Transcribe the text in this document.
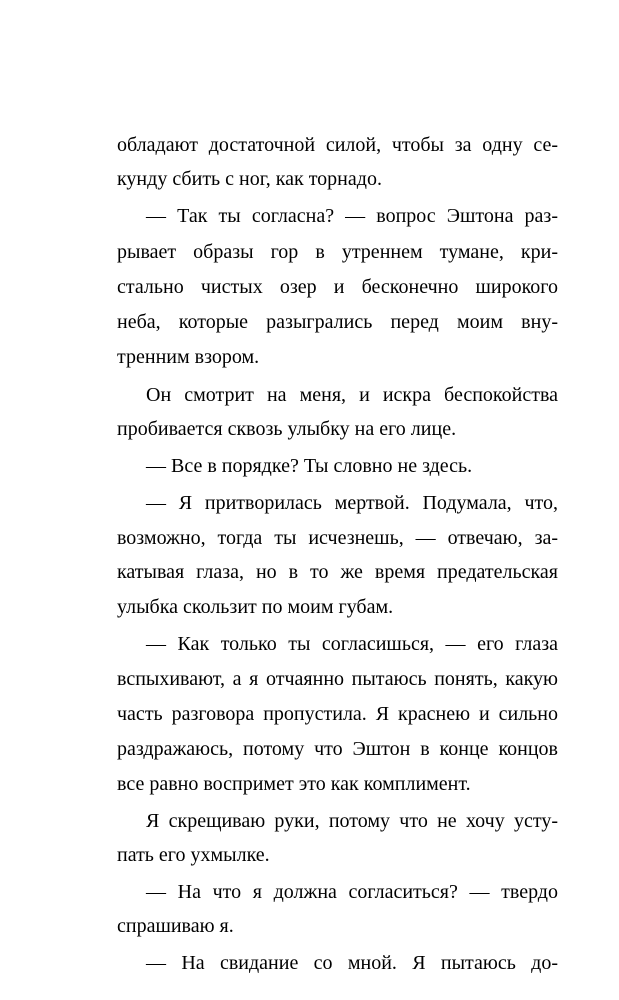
обладают достаточной силой, чтобы за одну се-
кунду сбить с ног, как торнадо.
— Так ты согласна? — вопрос Эштона раз-
рывает образы гор в утреннем тумане, кри-
стально чистых озер и бесконечно широкого
неба, которые разыгрались перед моим вну-
тренним взором.
Он смотрит на меня, и искра беспокойства
пробивается сквозь улыбку на его лице.
— Все в порядке? Ты словно не здесь.
— Я притворилась мертвой. Подумала, что,
возможно, тогда ты исчезнешь, — отвечаю, за-
катывая глаза, но в то же время предательская
улыбка скользит по моим губам.
— Как только ты согласишься, — его глаза
вспыхивают, а я отчаянно пытаюсь понять, какую
часть разговора пропустила. Я краснею и сильно
раздражаюсь, потому что Эштон в конце концов
все равно воспримет это как комплимент.
Я скрещиваю руки, потому что не хочу усту-
пать его ухмылке.
— На что я должна согласиться? — твердо
спрашиваю я.
— На свидание со мной. Я пытаюсь до-
